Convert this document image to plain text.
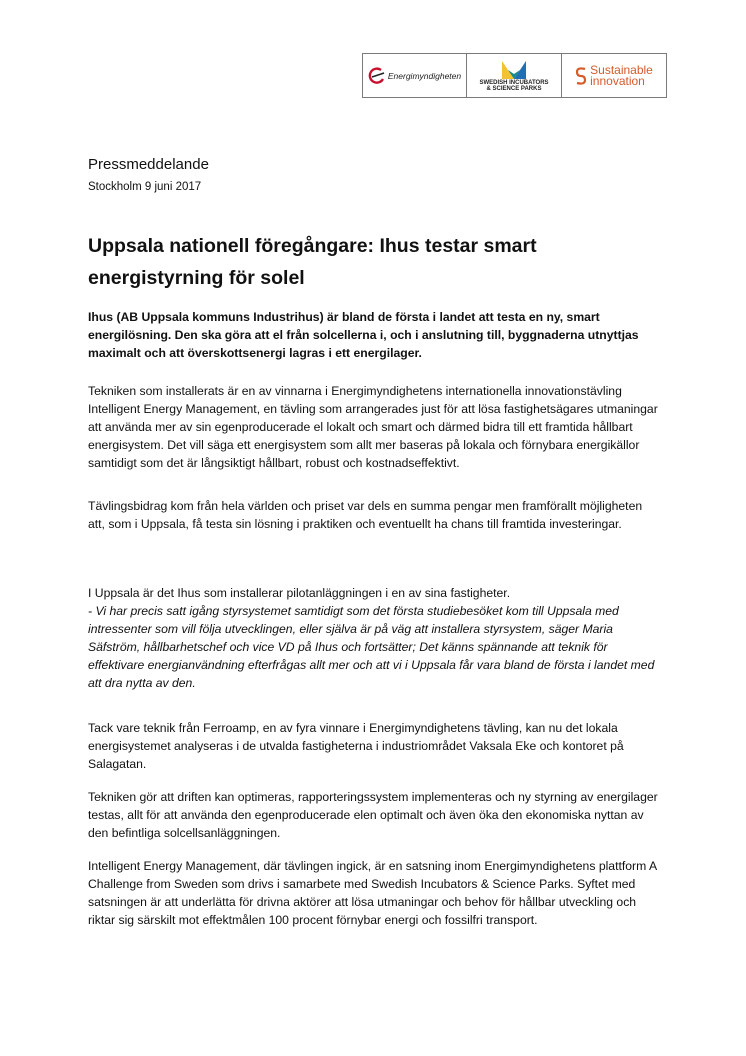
Energimyndigheten
SWEDISH INCUBATORS
& SCIENCE PARKS
Sustainable
innovation
Pressmeddelande
Stockholm 9 juni 2017
Uppsala nationell föregångare: Ihus testar smart
energistyrning för solel

Ihus (AB Uppsala kommuns Industrihus) är bland de första i landet att testa en ny, smart energilösning. Den ska göra att el från solcellerna i, och i anslutning till, byggnaderna utnyttjas maximalt och att överskottsenergi lagras i ett energilager.

Tekniken som installerats är en av vinnarna i Energimyndighetens internationella innovationstävling Intelligent Energy Management, en tävling som arrangerades just för att lösa fastighetsägares utmaningar att använda mer av sin egenproducerade el lokalt och smart och därmed bidra till ett framtida hållbart energisystem. Det vill säga ett energisystem som allt mer baseras på lokala och förnybara energikällor samtidigt som det är långsiktigt hållbart, robust och kostnadseffektivt.

Tävlingsbidrag kom från hela världen och priset var dels en summa pengar men framförallt möjligheten att, som i Uppsala, få testa sin lösning i praktiken och eventuellt ha chans till framtida investeringar.

I Uppsala är det Ihus som installerar pilotanläggningen i en av sina fastigheter.

- Vi har precis satt igång styrsystemet samtidigt som det första studiebesöket kom till Uppsala med intressenter som vill följa utvecklingen, eller själva är på väg att installera styrsystem, säger Maria Säfström, hållbarhetschef och vice VD på Ihus och fortsätter; Det känns spännande att teknik för effektivare energianvändning efterfrågas allt mer och att vi i Uppsala får vara bland de första i landet med att dra nytta av den.

Tack vare teknik från Ferroamp, en av fyra vinnare i Energimyndighetens tävling, kan nu det lokala energisystemet analyseras i de utvalda fastigheterna i industriområdet Vaksala Eke och kontoret på Salagatan.

Tekniken gör att driften kan optimeras, rapporteringssystem implementeras och ny styrning av energilager testas, allt för att använda den egenproducerade elen optimalt och även öka den ekonomiska nyttan av den befintliga solcellsanläggningen.

Intelligent Energy Management, där tävlingen ingick, är en satsning inom Energimyndighetens plattform A Challenge from Sweden som drivs i samarbete med Swedish Incubators & Science Parks. Syftet med satsningen är att underlätta för drivna aktörer att lösa utmaningar och behov för hållbar utveckling och riktar sig särskilt mot effektmålen 100 procent förnybar energi och fossilfri transport.
